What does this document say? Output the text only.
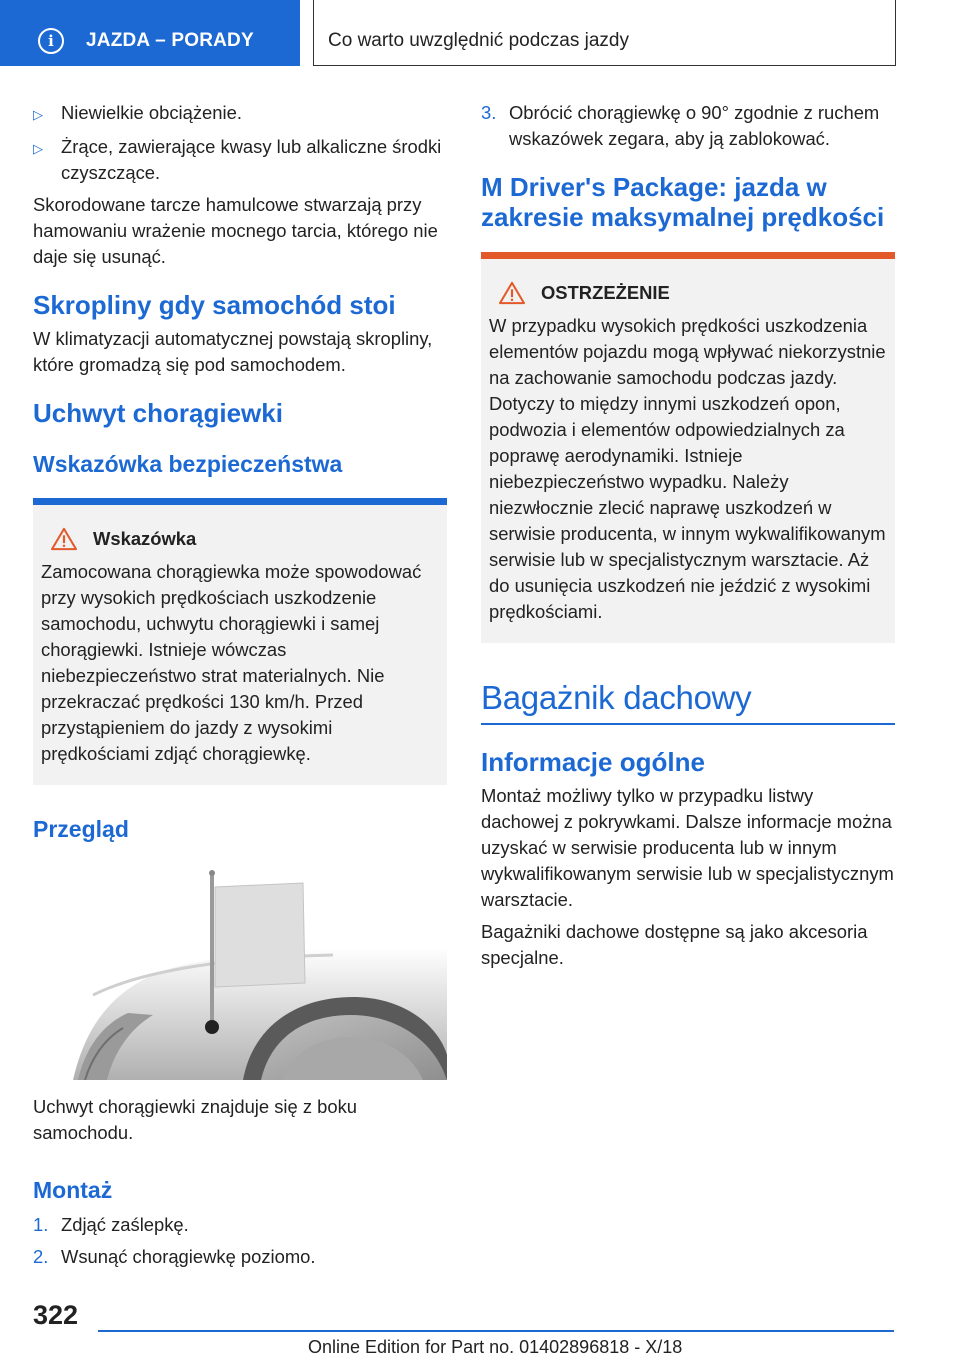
i	JAZDA – PORADY	Co warto uwzględnić podczas jazdy
▷ Niewielkie obciążenie.
▷ Żrące, zawierające kwasy lub alkaliczne środki czyszczące.

Skorodowane tarcze hamulcowe stwarzają przy hamowaniu wrażenie mocnego tarcia, którego nie daje się usunąć.

Skropliny gdy samochód stoi

W klimatyzacji automatycznej powstają skropliny, które gromadzą się pod samochodem.

Uchwyt chorągiewki
Wskazówka bezpieczeństwa
Wskazówka
Zamocowana chorągiewka może spowodować przy wysokich prędkościach uszkodzenie samochodu, uchwytu chorągiewki i samej chorągiewki. Istnieje wówczas niebezpieczeństwo strat materialnych. Nie przekraczać prędkości 130 km/h. Przed przystąpieniem do jazdy z wysokimi prędkościami zdjąć chorągiewkę.
Przegląd

Uchwyt chorągiewki znajduje się z boku samochodu.

Montaż
1. Zdjąć zaślepkę.
2. Wsunąć chorągiewkę poziomo.
3. Obrócić chorągiewkę o 90° zgodnie z ruchem wskazówek zegara, aby ją zablokować.
M Driver's Package: jazda w zakresie maksymalnej prędkości
OSTRZEŻENIE
W przypadku wysokich prędkości uszkodzenia elementów pojazdu mogą wpływać niekorzystnie na zachowanie samochodu podczas jazdy. Dotyczy to między innymi uszkodzeń opon, podwozia i elementów odpowiedzialnych za poprawę aerodynamiki. Istnieje niebezpieczeństwo wypadku. Należy niezwłocznie zlecić naprawę uszkodzeń w serwisie producenta, w innym wykwalifikowanym serwisie lub w specjalistycznym warsztacie. Aż do usunięcia uszkodzeń nie jeździć z wysokimi prędkościami.
Bagażnik dachowy
Informacje ogólne

Montaż możliwy tylko w przypadku listwy dachowej z pokrywkami. Dalsze informacje można uzyskać w serwisie producenta lub w innym wykwalifikowanym serwisie lub w specjalistycznym warsztacie.

Bagażniki dachowe dostępne są jako akcesoria specjalne.

322
Online Edition for Part no. 01402896818 - X/18
